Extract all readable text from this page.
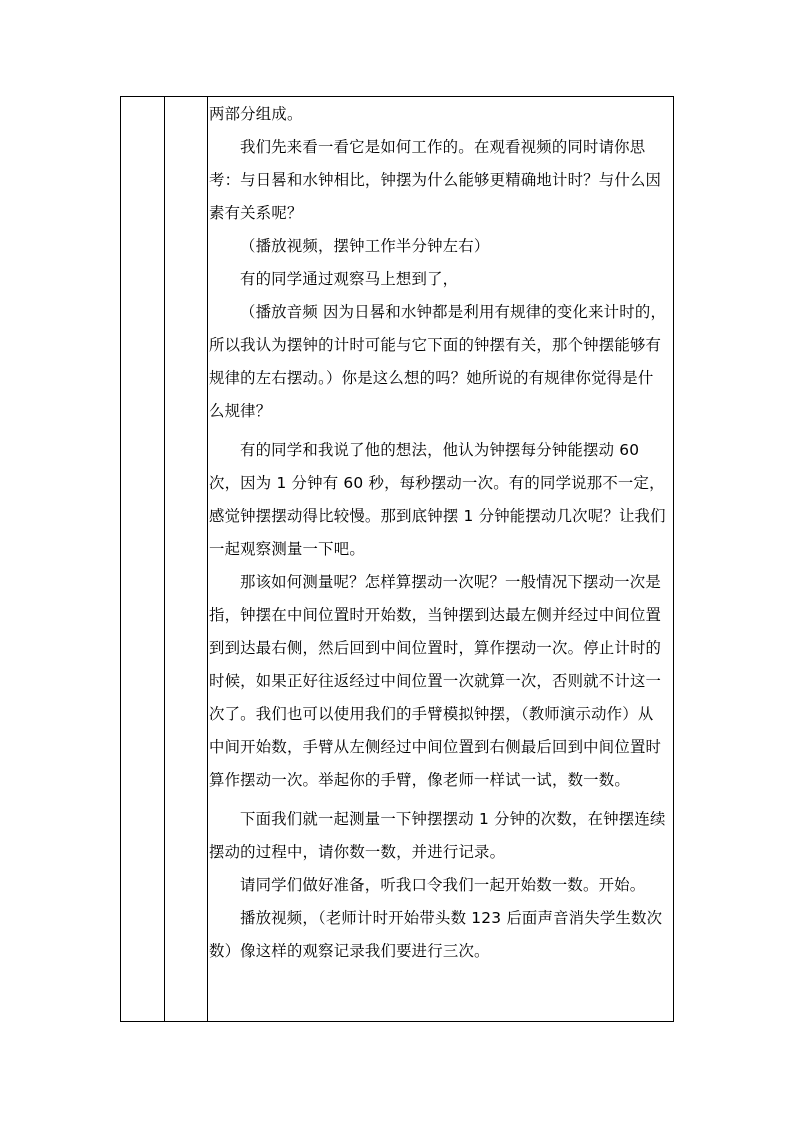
两部分组成。

我们先来看一看它是如何工作的。在观看视频的同时请你思考：与日晷和水钟相比，钟摆为什么能够更精确地计时？与什么因素有关系呢？

（播放视频，摆钟工作半分钟左右）

有的同学通过观察马上想到了，

（播放音频 因为日晷和水钟都是利用有规律的变化来计时的，所以我认为摆钟的计时可能与它下面的钟摆有关，那个钟摆能够有规律的左右摆动。）你是这么想的吗？她所说的有规律你觉得是什么规律？

有的同学和我说了他的想法，他认为钟摆每分钟能摆动 60 次，因为 1 分钟有 60 秒，每秒摆动一次。有的同学说那不一定，感觉钟摆摆动得比较慢。那到底钟摆 1 分钟能摆动几次呢？让我们一起观察测量一下吧。

那该如何测量呢？怎样算摆动一次呢？一般情况下摆动一次是指，钟摆在中间位置时开始数，当钟摆到达最左侧并经过中间位置到到达最右侧，然后回到中间位置时，算作摆动一次。停止计时的时候，如果正好往返经过中间位置一次就算一次，否则就不计这一次了。我们也可以使用我们的手臂模拟钟摆，（教师演示动作）从中间开始数，手臂从左侧经过中间位置到右侧最后回到中间位置时算作摆动一次。举起你的手臂，像老师一样试一试，数一数。

下面我们就一起测量一下钟摆摆动 1 分钟的次数，在钟摆连续摆动的过程中，请你数一数，并进行记录。

请同学们做好准备，听我口令我们一起开始数一数。开始。

播放视频，（老师计时开始带头数 123 后面声音消失学生数次数）像这样的观察记录我们要进行三次。
